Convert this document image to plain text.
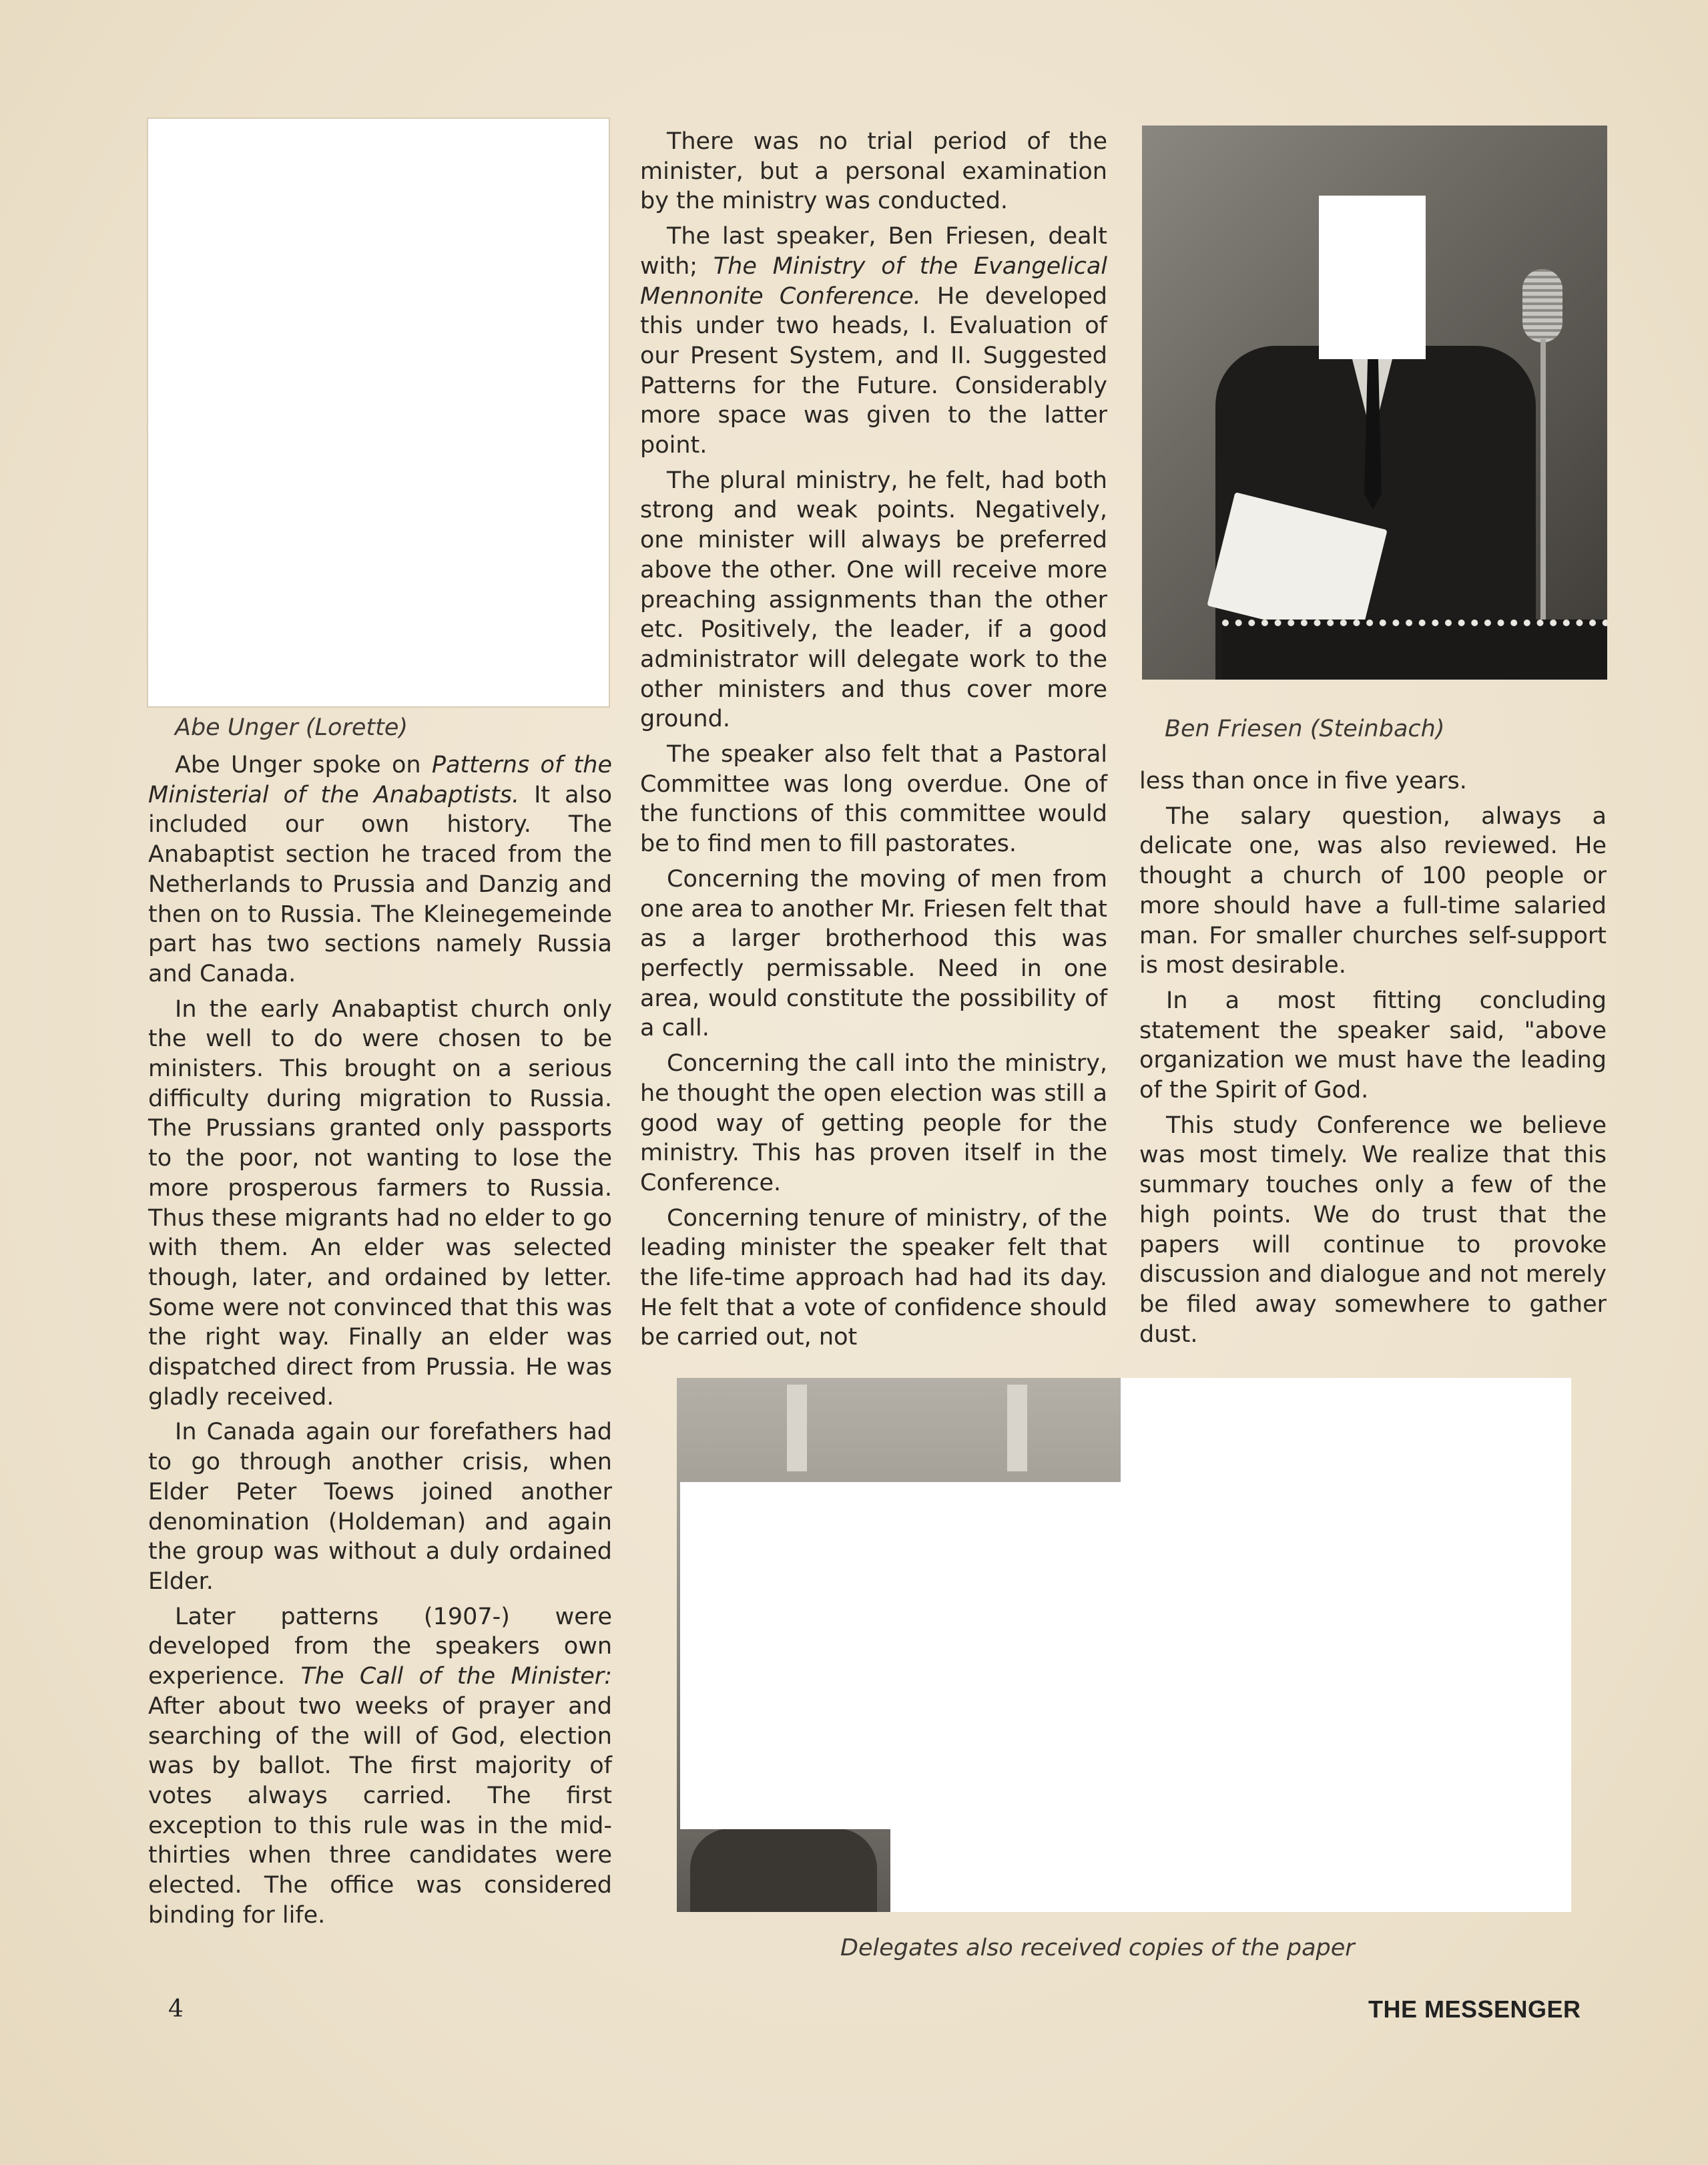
Abe Unger (Lorette)	Ben Friesen (Steinbach)
Delegates also received copies of the paper

Abe Unger spoke on Patterns of the Ministerial of the Anabaptists. It also included our own history. The Anabaptist section he traced from the Netherlands to Prussia and Danzig and then on to Russia. The Kleinegemeinde part has two sections namely Russia and Canada.

In the early Anabaptist church only the well to do were chosen to be ministers. This brought on a serious difficulty during migration to Russia. The Prussians granted only passports to the poor, not wanting to lose the more prosperous farmers to Russia. Thus these migrants had no elder to go with them. An elder was selected though, later, and ordained by letter. Some were not convinced that this was the right way. Finally an elder was dispatched direct from Prussia. He was gladly received.

In Canada again our forefathers had to go through another crisis, when Elder Peter Toews joined another denomination (Holdeman) and again the group was without a duly ordained Elder.

Later patterns (1907-) were developed from the speakers own experience. The Call of the Minister: After about two weeks of prayer and searching of the will of God, election was by ballot. The first majority of votes always carried. The first exception to this rule was in the mid-thirties when three candidates were elected. The office was considered binding for life.

There was no trial period of the minister, but a personal examination by the ministry was conducted.

The last speaker, Ben Friesen, dealt with; The Ministry of the Evangelical Mennonite Conference. He developed this under two heads, I. Evaluation of our Present System, and II. Suggested Patterns for the Future. Considerably more space was given to the latter point.

The plural ministry, he felt, had both strong and weak points. Negatively, one minister will always be preferred above the other. One will receive more preaching assignments than the other etc. Positively, the leader, if a good administrator will delegate work to the other ministers and thus cover more ground.

The speaker also felt that a Pastoral Committee was long overdue. One of the functions of this committee would be to find men to fill pastorates.

Concerning the moving of men from one area to another Mr. Friesen felt that as a larger brotherhood this was perfectly permissable. Need in one area, would constitute the possibility of a call.

Concerning the call into the ministry, he thought the open election was still a good way of getting people for the ministry. This has proven itself in the Conference.

Concerning tenure of ministry, of the leading minister the speaker felt that the life-time approach had had its day. He felt that a vote of confidence should be carried out, not

less than once in five years.

The salary question, always a delicate one, was also reviewed. He thought a church of 100 people or more should have a full-time salaried man. For smaller churches self-support is most desirable.

In a most fitting concluding statement the speaker said, "above organization we must have the leading of the Spirit of God.

This study Conference we believe was most timely. We realize that this summary touches only a few of the high points. We do trust that the papers will continue to provoke discussion and dialogue and not merely be filed away somewhere to gather dust.

4	THE MESSENGER
